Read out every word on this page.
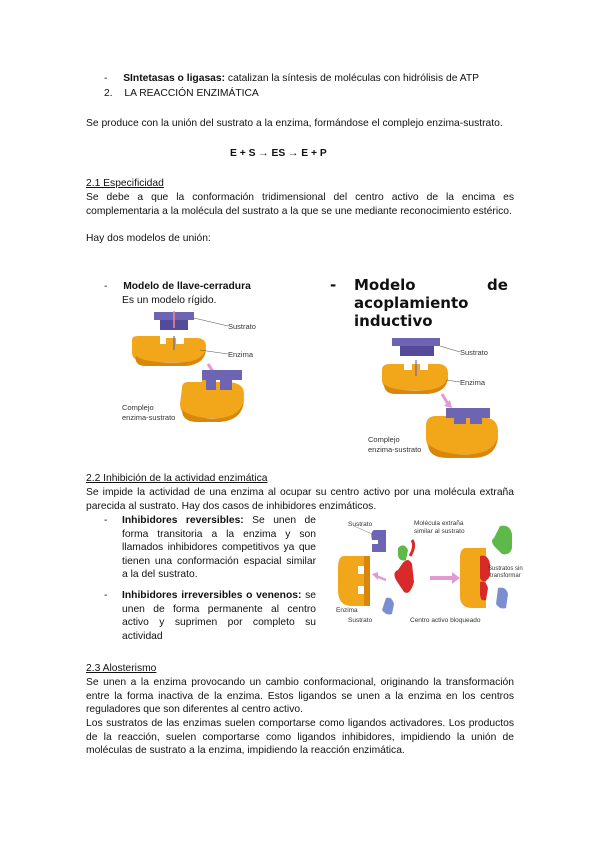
- SIntetasas o ligasas: catalizan la síntesis de moléculas con hidrólisis de ATP
2. LA REACCIÓN ENZIMÁTICA
Se produce con la unión del sustrato a la enzima, formándose el complejo enzima-sustrato.
E + S → ES → E + P
2.1 Especificidad
Se debe a que la conformación tridimensional del centro activo de la encima es complementaria a la molécula del sustrato a la que se une mediante reconocimiento estérico.
Hay dos modelos de unión:
- Modelo de llave-cerradura
Es un modelo rígido.
- Modelo	de
acoplamiento
inductivo
Sustrato
Enzima
Complejo
enzima-sustrato
Sustrato
Enzima
Complejo
enzima-sustrato
2.2 Inhibición de la actividad enzimática
Se impide la actividad de una enzima al ocupar su centro activo por una molécula extraña parecida al sustrato. Hay dos casos de inhibidores enzimáticos.
- Inhibidores reversibles: Se unen de forma transitoria a la enzima y son llamados inhibidores competitivos ya que tienen una conformación espacial similar a la del sustrato.
- Inhibidores irreversibles o venenos: se unen de forma permanente al centro activo y suprimen por completo su actividad
Sustrato	Molécula extraña
similar al sustrato
Sustratos sin
transformar
Enzima
Sustrato	Centro activo bloqueado
2.3 Alosterismo
Se unen a la enzima provocando un cambio conformacional, originando la transformación entre la forma inactiva de la enzima. Estos ligandos se unen a la enzima en los centros reguladores que son diferentes al centro activo.
Los sustratos de las enzimas suelen comportarse como ligandos activadores. Los productos de la reacción, suelen comportarse como ligandos inhibidores, impidiendo la unión de moléculas de sustrato a la enzima, impidiendo la reacción enzimática.
